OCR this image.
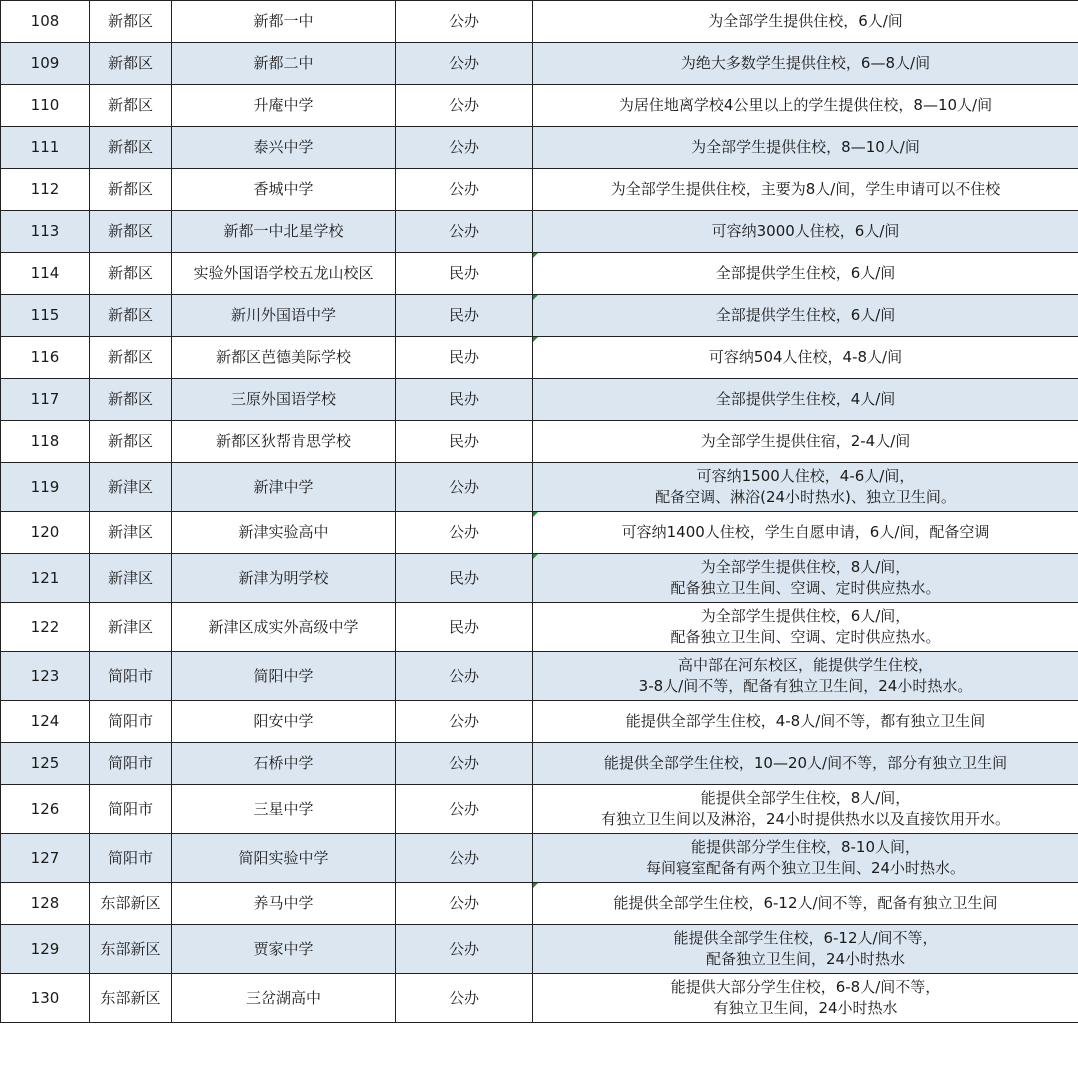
108	新都区	新都一中	公办	为全部学生提供住校，6人/间

109	新都区	新都二中	公办	为绝大多数学生提供住校，6—8人/间

110	新都区	升庵中学	公办	为居住地离学校4公里以上的学生提供住校，8—10人/间

111	新都区	泰兴中学	公办	为全部学生提供住校，8—10人/间

112	新都区	香城中学	公办	为全部学生提供住校，主要为8人/间，学生申请可以不住校

113	新都区	新都一中北星学校	公办	可容纳3000人住校，6人/间

114	新都区	实验外国语学校五龙山校区	民办	全部提供学生住校，6人/间

115	新都区	新川外国语中学	民办	全部提供学生住校，6人/间

116	新都区	新都区芭德美际学校	民办	可容纳504人住校，4-8人/间

117	新都区	三原外国语学校	民办	全部提供学生住校，4人/间

118	新都区	新都区狄帮肯思学校	民办	为全部学生提供住宿，2-4人/间

119	新津区	新津中学	公办	可容纳1500人住校，4-6人/间，
配备空调、淋浴(24小时热水)、独立卫生间。

120	新津区	新津实验高中	公办	可容纳1400人住校，学生自愿申请，6人/间，配备空调

121	新津区	新津为明学校	民办	为全部学生提供住校，8人/间，
配备独立卫生间、空调、定时供应热水。

122	新津区	新津区成实外高级中学	民办	为全部学生提供住校，6人/间，
配备独立卫生间、空调、定时供应热水。

123	简阳市	简阳中学	公办	高中部在河东校区，能提供学生住校，
3-8人/间不等，配备有独立卫生间，24小时热水。

124	简阳市	阳安中学	公办	能提供全部学生住校，4-8人/间不等，都有独立卫生间

125	简阳市	石桥中学	公办	能提供全部学生住校，10—20人/间不等，部分有独立卫生间

126	简阳市	三星中学	公办	能提供全部学生住校，8人/间，
有独立卫生间以及淋浴，24小时提供热水以及直接饮用开水。

127	简阳市	简阳实验中学	公办	能提供部分学生住校，8-10人间，
每间寝室配备有两个独立卫生间、24小时热水。

128	东部新区	养马中学	公办	能提供全部学生住校，6-12人/间不等，配备有独立卫生间

129	东部新区	贾家中学	公办	能提供全部学生住校，6-12人/间不等，
配备独立卫生间，24小时热水

130	东部新区	三岔湖高中	公办	能提供大部分学生住校，6-8人/间不等，
有独立卫生间，24小时热水
